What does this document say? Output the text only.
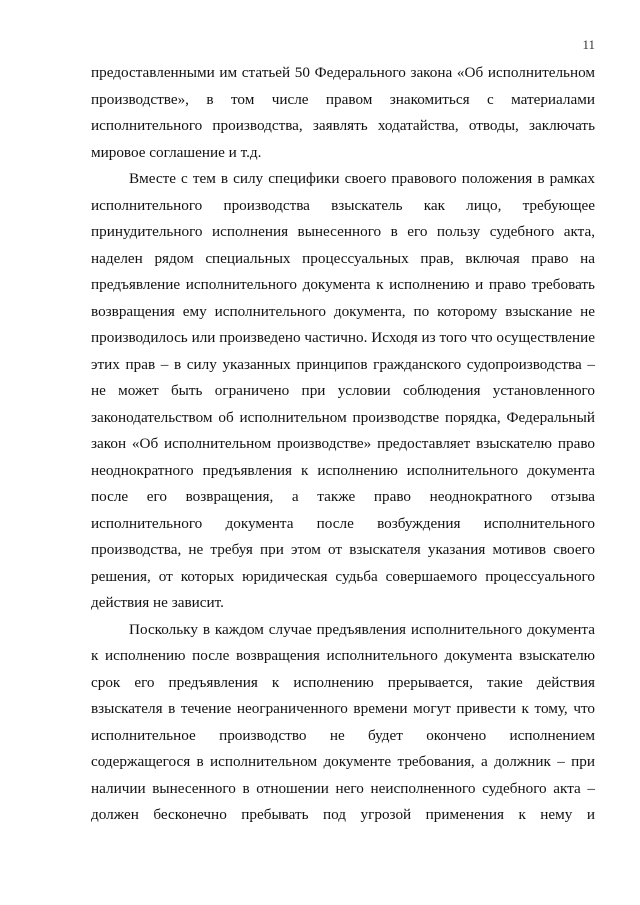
11
предоставленными им статьей 50 Федерального закона «Об исполнительном
производстве», в том числе правом знакомиться с материалами
исполнительного производства, заявлять ходатайства, отводы, заключать
мировое соглашение и т.д.
Вместе с тем в силу специфики своего правового положения в рамках
исполнительного производства взыскатель как лицо, требующее
принудительного исполнения вынесенного в его пользу судебного акта,
наделен рядом специальных процессуальных прав, включая право на
предъявление исполнительного документа к исполнению и право требовать
возвращения ему исполнительного документа, по которому взыскание не
производилось или произведено частично. Исходя из того что осуществление
этих прав – в силу указанных принципов гражданского судопроизводства –
не может быть ограничено при условии соблюдения установленного
законодательством об исполнительном производстве порядка, Федеральный
закон «Об исполнительном производстве» предоставляет взыскателю право
неоднократного предъявления к исполнению исполнительного документа
после его возвращения, а также право неоднократного отзыва
исполнительного документа после возбуждения исполнительного
производства, не требуя при этом от взыскателя указания мотивов своего
решения, от которых юридическая судьба совершаемого процессуального
действия не зависит.
Поскольку в каждом случае предъявления исполнительного документа
к исполнению после возвращения исполнительного документа взыскателю
срок его предъявления к исполнению прерывается, такие действия
взыскателя в течение неограниченного времени могут привести к тому, что
исполнительное производство не будет окончено исполнением
содержащегося в исполнительном документе требования, а должник – при
наличии вынесенного в отношении него неисполненного судебного акта –
должен бесконечно пребывать под угрозой применения к нему и
